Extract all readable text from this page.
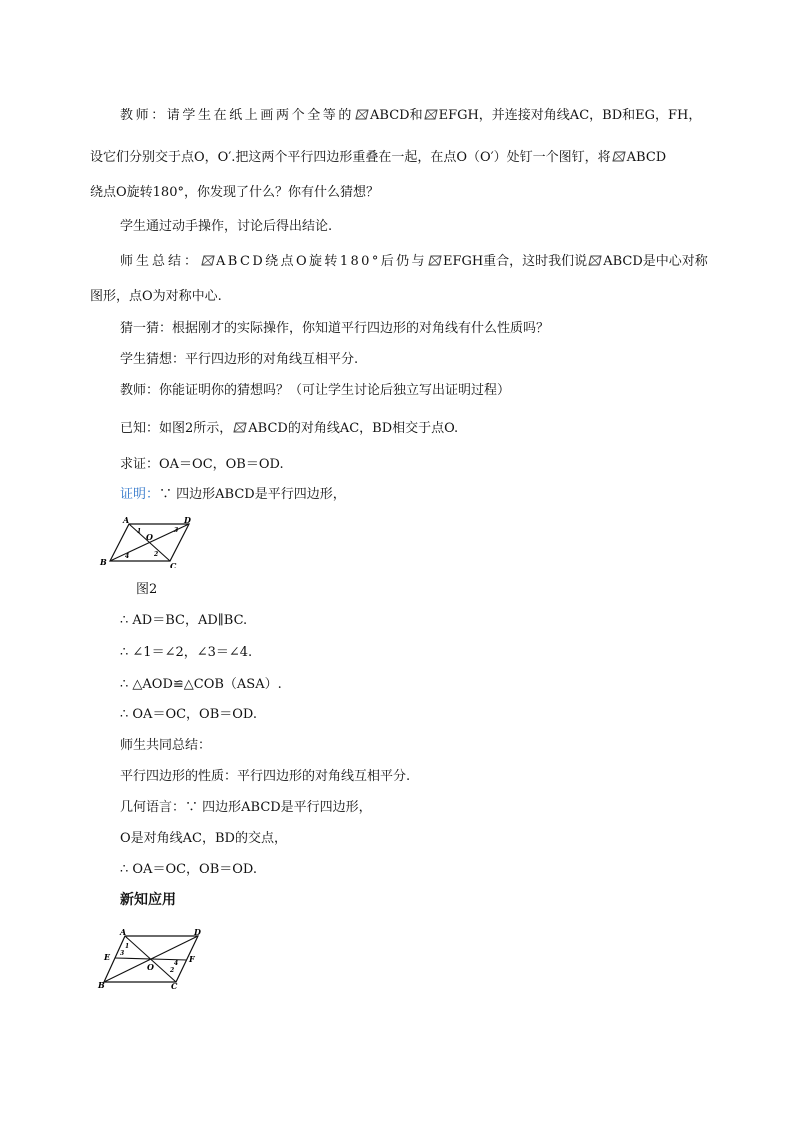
教师：请学生在纸上画两个全等的 ABCD和 EFGH，并连接对角线AC，BD和EG，FH，
设它们分别交于点O，O′.把这两个平行四边形重叠在一起，在点O（O′）处钉一个图钉，将 ABCD
绕点O旋转180°，你发现了什么？你有什么猜想？
学生通过动手操作，讨论后得出结论.
师生总结： ABCD绕点O旋转180°后仍与 EFGH重合，这时我们说 ABCD是中心对称
图形，点O为对称中心.
猜一猜：根据刚才的实际操作，你知道平行四边形的对角线有什么性质吗？
学生猜想：平行四边形的对角线互相平分.
教师：你能证明你的猜想吗？（可让学生讨论后独立写出证明过程）
已知：如图2所示， ABCD的对角线AC，BD相交于点O.
求证：OA＝OC，OB＝OD.
证明：∵ 四边形ABCD是平行四边形，
A	D
B	C
O
1	3
4	2
图2
∴ AD＝BC，AD∥BC.
∴ ∠1＝∠2，∠3＝∠4.
∴ △AOD≌△COB（ASA）.
∴ OA＝OC，OB＝OD.
师生共同总结：
平行四边形的性质：平行四边形的对角线互相平分.
几何语言：∵ 四边形ABCD是平行四边形，
O是对角线AC，BD的交点，
∴ OA＝OC，OB＝OD.
新知应用
A	D
B	C
E	F
O
3
1
4
2
